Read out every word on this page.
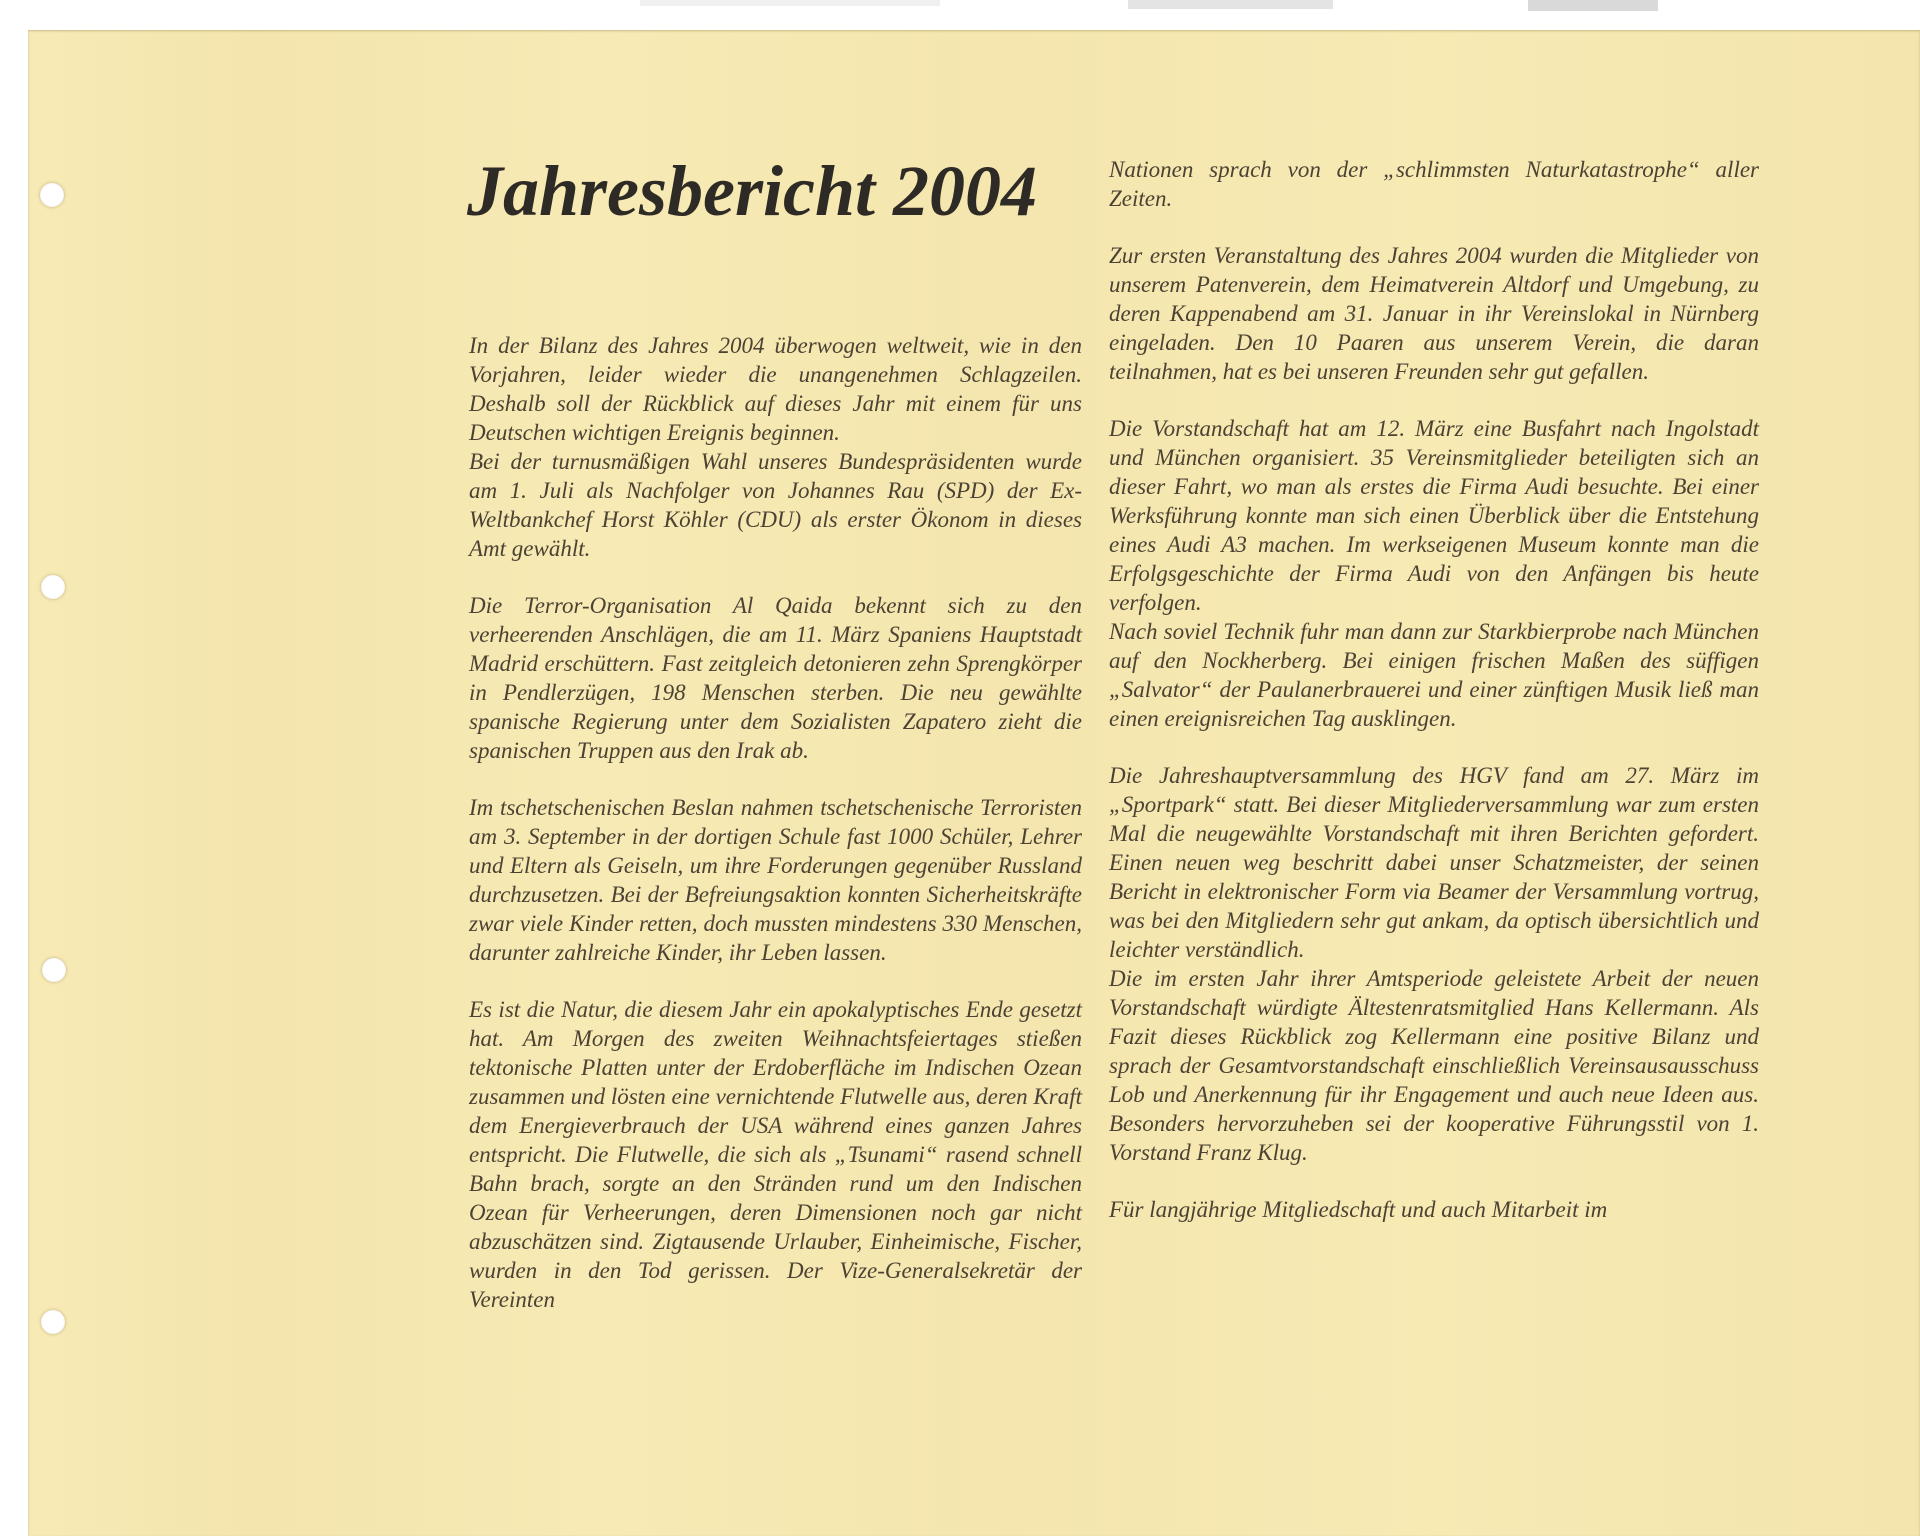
Jahresbericht 2004

In der Bilanz des Jahres 2004 überwogen weltweit, wie in den Vorjahren, leider wieder die unangenehmen Schlagzeilen. Deshalb soll der Rückblick auf dieses Jahr mit einem für uns Deutschen wichtigen Ereignis beginnen.

Bei der turnusmäßigen Wahl unseres Bundespräsidenten wurde am 1. Juli als Nachfolger von Johannes Rau (SPD) der Ex-Weltbankchef Horst Köhler (CDU) als erster Ökonom in dieses Amt gewählt.

Die Terror-Organisation Al Qaida bekennt sich zu den verheerenden Anschlägen, die am 11. März Spaniens Hauptstadt Madrid erschüttern. Fast zeitgleich detonieren zehn Sprengkörper in Pendlerzügen, 198 Menschen sterben. Die neu gewählte spanische Regierung unter dem Sozialisten Zapatero zieht die spanischen Truppen aus den Irak ab.

Im tschetschenischen Beslan nahmen tschetschenische Terroristen am 3. September in der dortigen Schule fast 1000 Schüler, Lehrer und Eltern als Geiseln, um ihre Forderungen gegenüber Russland durchzusetzen. Bei der Befreiungsaktion konnten Sicherheitskräfte zwar viele Kinder retten, doch mussten mindestens 330 Menschen, darunter zahlreiche Kinder, ihr Leben lassen.

Es ist die Natur, die diesem Jahr ein apokalyptisches Ende gesetzt hat. Am Morgen des zweiten Weihnachtsfeiertages stießen tektonische Platten unter der Erdoberfläche im Indischen Ozean zusammen und lösten eine vernichtende Flutwelle aus, deren Kraft dem Energieverbrauch der USA während eines ganzen Jahres entspricht. Die Flutwelle, die sich als „Tsunami“ rasend schnell Bahn brach, sorgte an den Stränden rund um den Indischen Ozean für Verheerungen, deren Dimensionen noch gar nicht abzuschätzen sind. Zigtausende Urlauber, Einheimische, Fischer, wurden in den Tod gerissen. Der Vize-Generalsekretär der Vereinten

Nationen sprach von der „schlimmsten Naturkatastrophe“ aller Zeiten.

Zur ersten Veranstaltung des Jahres 2004 wurden die Mitglieder von unserem Patenverein, dem Heimatverein Altdorf und Umgebung, zu deren Kappenabend am 31. Januar in ihr Vereinslokal in Nürnberg eingeladen. Den 10 Paaren aus unserem Verein, die daran teilnahmen, hat es bei unseren Freunden sehr gut gefallen.

Die Vorstandschaft hat am 12. März eine Busfahrt nach Ingolstadt und München organisiert. 35 Vereinsmitglieder beteiligten sich an dieser Fahrt, wo man als erstes die Firma Audi besuchte. Bei einer Werksführung konnte man sich einen Überblick über die Entstehung eines Audi A3 machen. Im werkseigenen Museum konnte man die Erfolgsgeschichte der Firma Audi von den Anfängen bis heute verfolgen.

Nach soviel Technik fuhr man dann zur Starkbierprobe nach München auf den Nockherberg. Bei einigen frischen Maßen des süffigen „Salvator“ der Paulanerbrauerei und einer zünftigen Musik ließ man einen ereignisreichen Tag ausklingen.

Die Jahreshauptversammlung des HGV fand am 27. März im „Sportpark“ statt. Bei dieser Mitgliederversammlung war zum ersten Mal die neugewählte Vorstandschaft mit ihren Berichten gefordert. Einen neuen weg beschritt dabei unser Schatzmeister, der seinen Bericht in elektronischer Form via Beamer der Versammlung vortrug, was bei den Mitgliedern sehr gut ankam, da optisch übersichtlich und leichter verständlich.

Die im ersten Jahr ihrer Amtsperiode geleistete Arbeit der neuen Vorstandschaft würdigte Ältestenratsmitglied Hans Kellermann. Als Fazit dieses Rückblick zog Kellermann eine positive Bilanz und sprach der Gesamtvorstandschaft einschließlich Vereinsausausschuss Lob und Anerkennung für ihr Engagement und auch neue Ideen aus. Besonders hervorzuheben sei der kooperative Führungsstil von 1. Vorstand Franz Klug.

Für langjährige Mitgliedschaft und auch Mitarbeit im
